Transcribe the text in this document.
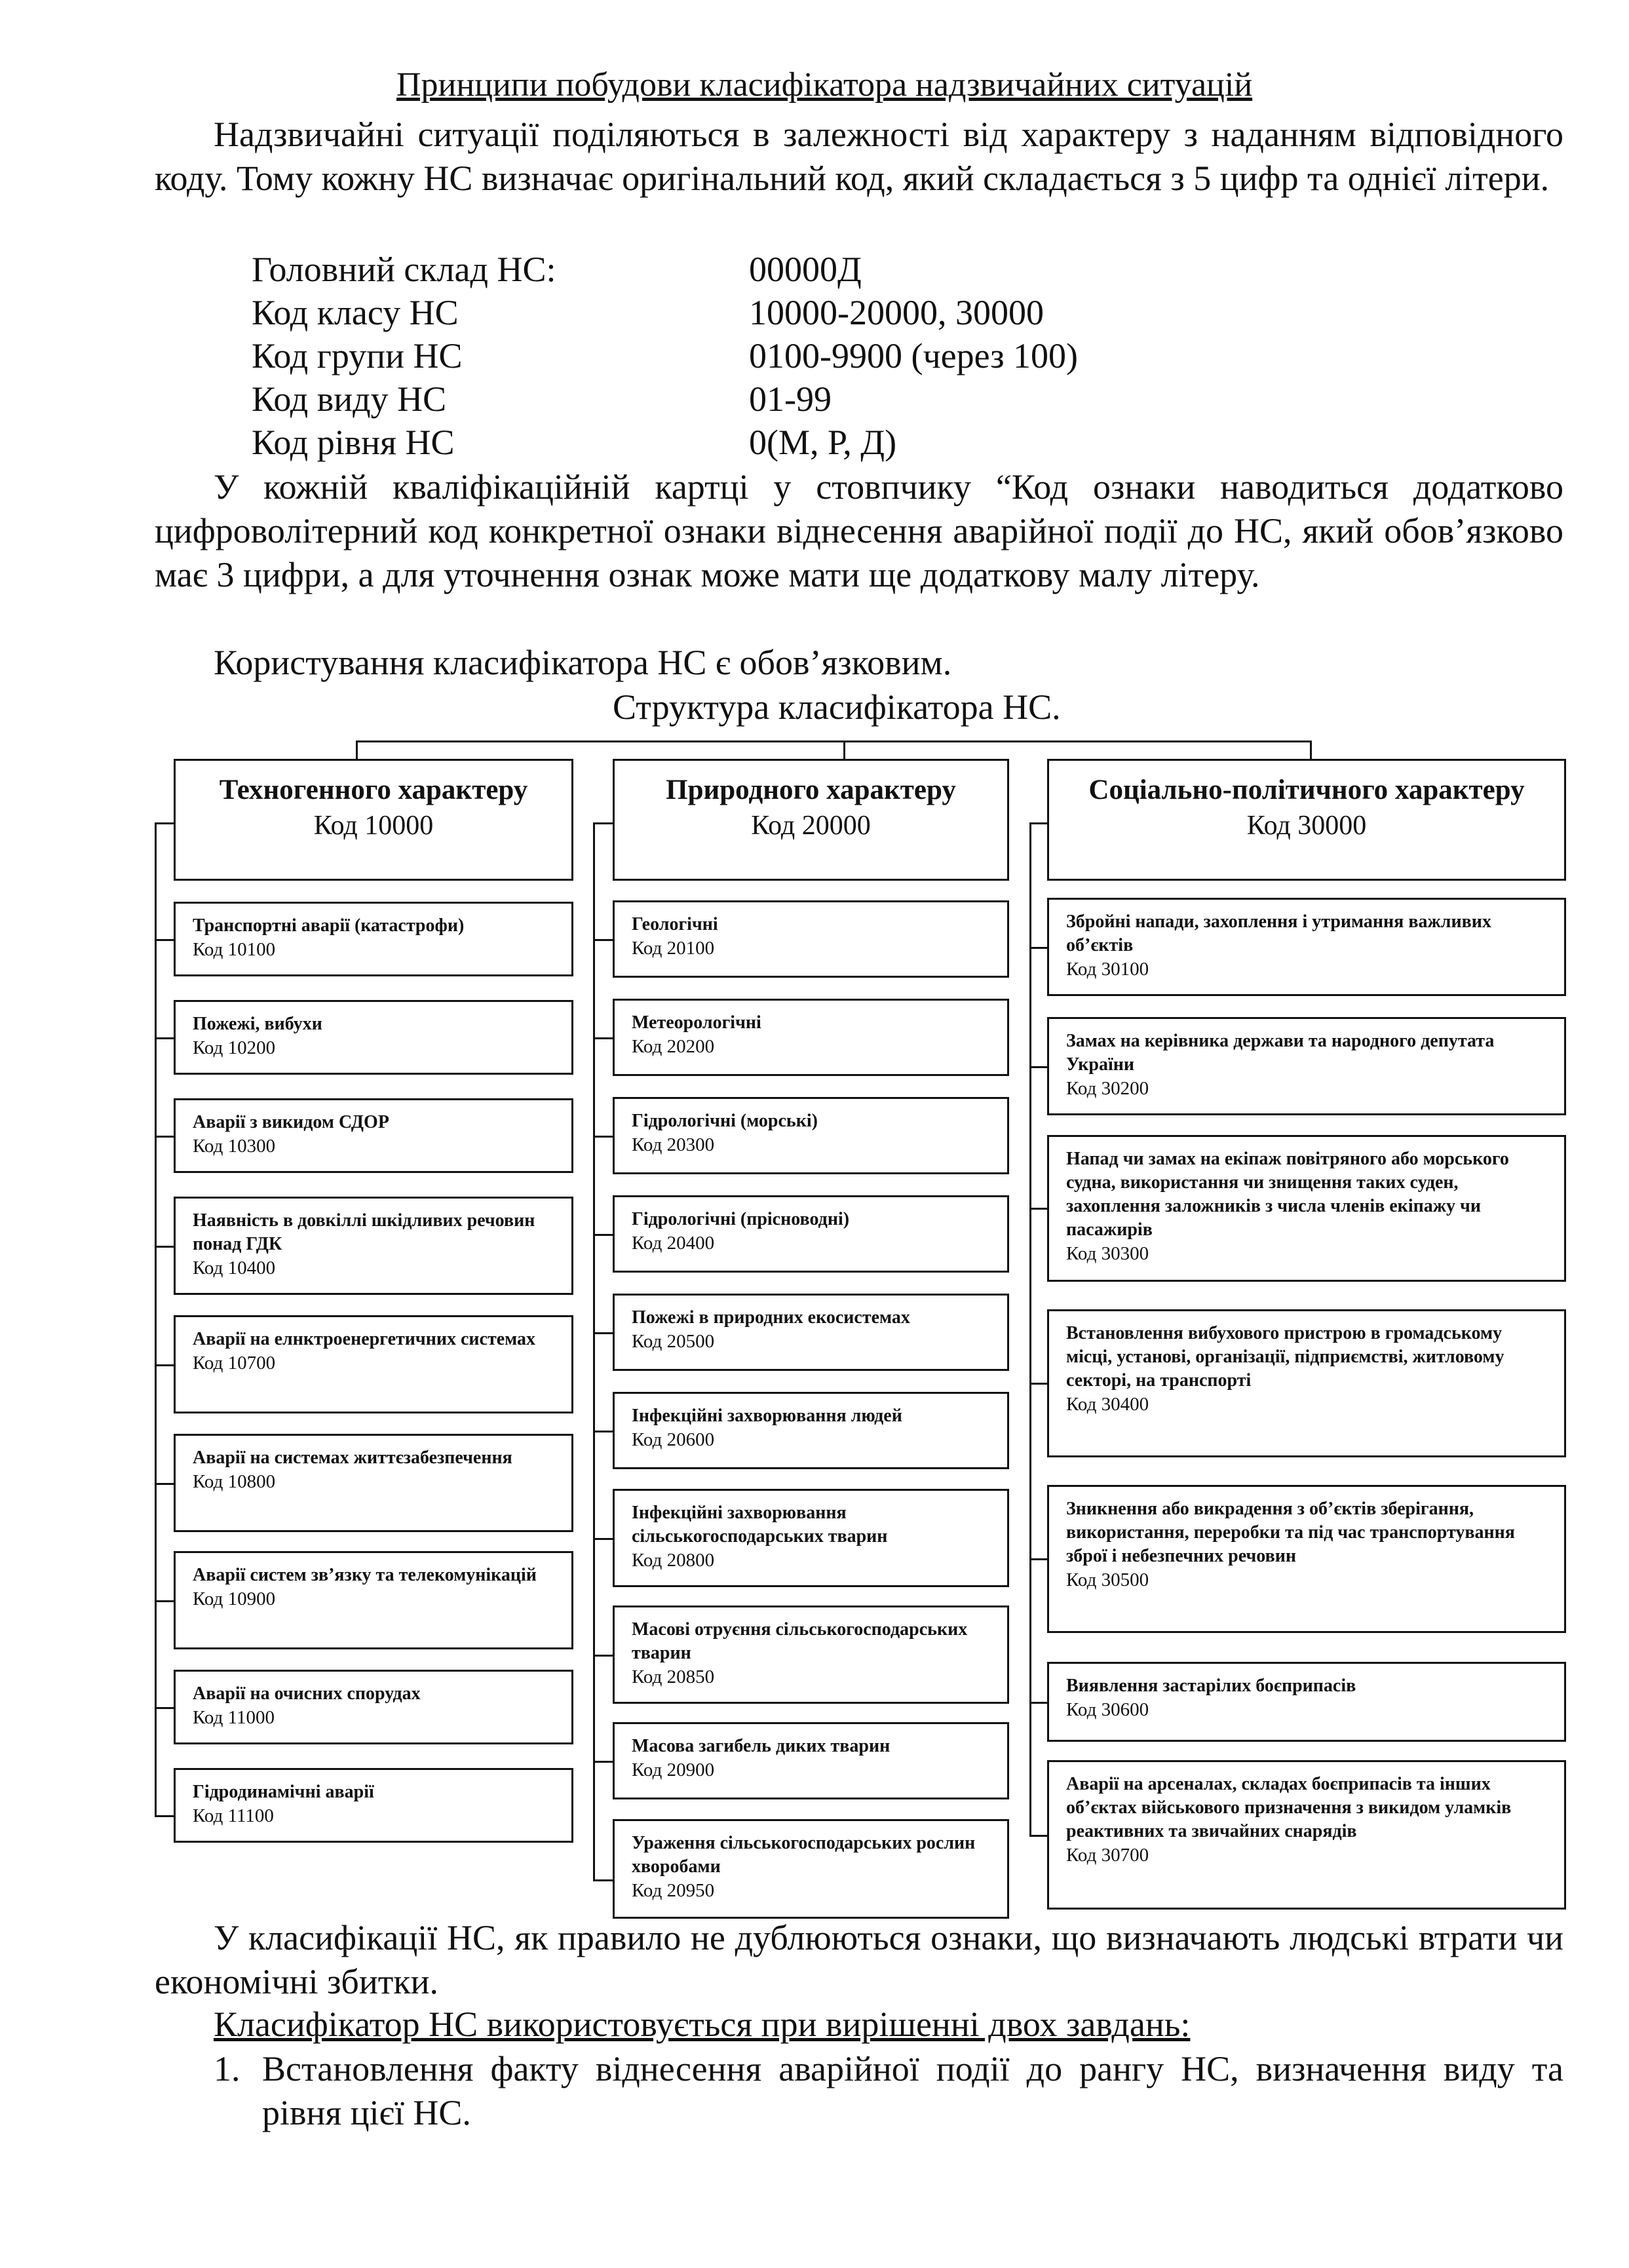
Принципи побудови класифікатора надзвичайних ситуацій
Надзвичайні ситуації поділяються в залежності від характеру з наданням відповідного коду. Тому кожну НС визначає оригінальний код, який складається з 5 цифр та однієї літери.
Головний склад НС:	00000Д
Код класу НС	10000-20000, 30000
Код групи НС	0100-9900 (через 100)
Код виду НС	01-99
Код рівня НС	0(М, Р, Д)
У кожній кваліфікаційній картці у стовпчику “Код ознаки наводиться додатково цифроволітерний код конкретної ознаки віднесення аварійної події до НС, який обов’язково має 3 цифри, а для уточнення ознак може мати ще додаткову малу літеру.
Користування класифікатора НС є обов’язковим.
Структура класифікатора НС.
Техногенного характеру
Код 10000
Природного характеру
Код 20000
Соціально-політичного характеру
Код 30000
Транспортні аварії (катастрофи)
Код 10100
Пожежі, вибухи
Код 10200
Аварії з викидом СДОР
Код 10300
Наявність в довкіллі шкідливих речовин понад ГДК
Код 10400
Аварії на елнктроенергетичних системах
Код 10700
Аварії на системах життєзабезпечення
Код 10800
Аварії систем зв’язку та телекомунікацій
Код 10900
Аварії на очисних спорудах
Код 11000
Гідродинамічні аварії
Код 11100
Геологічні
Код 20100
Метеорологічні
Код 20200
Гідрологічні (морські)
Код 20300
Гідрологічні (прісноводні)
Код 20400
Пожежі в природних екосистемах
Код 20500
Інфекційні захворювання людей
Код 20600
Інфекційні захворювання сільськогосподарських тварин
Код 20800
Масові отруєння сільськогосподарських тварин
Код 20850
Масова загибель диких тварин
Код 20900
Ураження сільськогосподарських рослин хворобами
Код 20950
Збройні напади, захоплення і утримання важливих об’єктів
Код 30100
Замах на керівника держави та народного депутата України
Код 30200
Напад чи замах на екіпаж повітряного або морського судна, використання чи знищення таких суден, захоплення заложників з числа членів екіпажу чи пасажирів
Код 30300
Встановлення вибухового пристрою в громадському місці, установі, організації, підприємстві, житловому секторі, на транспорті
Код 30400
Зникнення або викрадення з об’єктів зберігання, використання, переробки та під час транспортування зброї і небезпечних речовин
Код 30500
Виявлення застарілих боєприпасів
Код 30600
Аварії на арсеналах, складах боєприпасів та інших об’єктах військового призначення з викидом уламків реактивних та звичайних снарядів
Код 30700
У класифікації НС, як правило не дублюються ознаки, що визначають людські втрати чи економічні збитки.
Класифікатор НС використовується при вирішенні двох завдань:
1. Встановлення факту віднесення аварійної події до рангу НС, визначення виду та рівня цієї НС.
